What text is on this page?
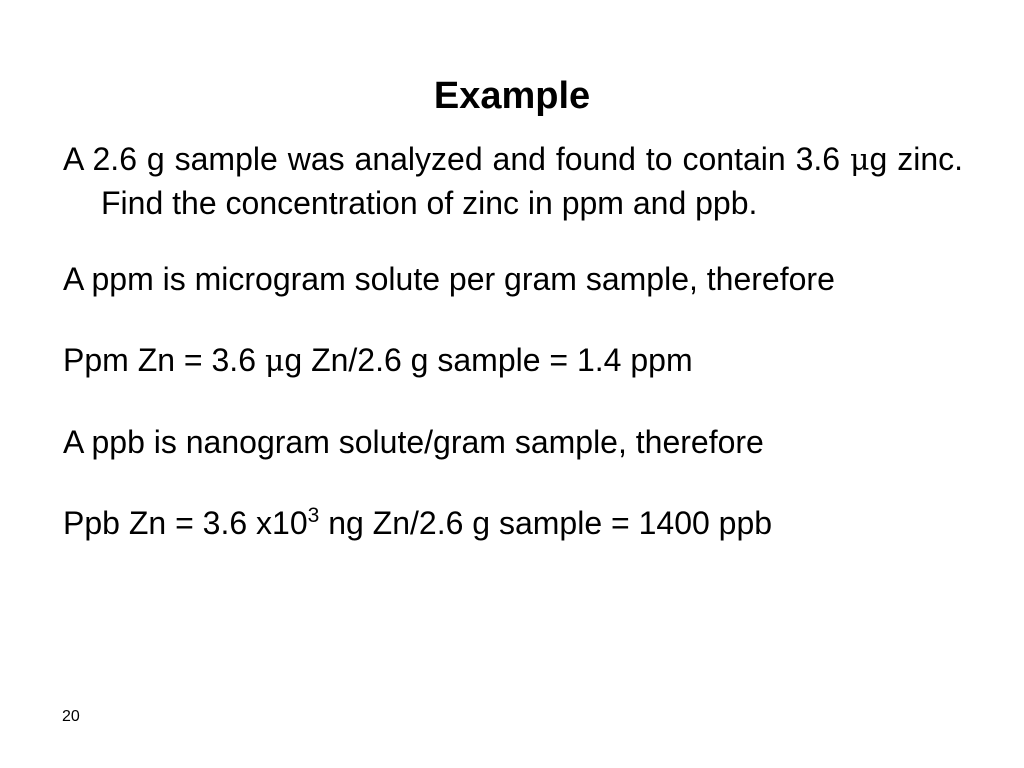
Example

A 2.6 g sample was analyzed and found to contain 3.6 μg zinc. Find the concentration of zinc in ppm and ppb.

A ppm is microgram solute per gram sample, therefore

Ppm Zn = 3.6 μg Zn/2.6 g sample = 1.4 ppm

A ppb is nanogram solute/gram sample, therefore

Ppb Zn = 3.6 $x10^3$ ng Zn/2.6 g sample = 1400 ppb

20
